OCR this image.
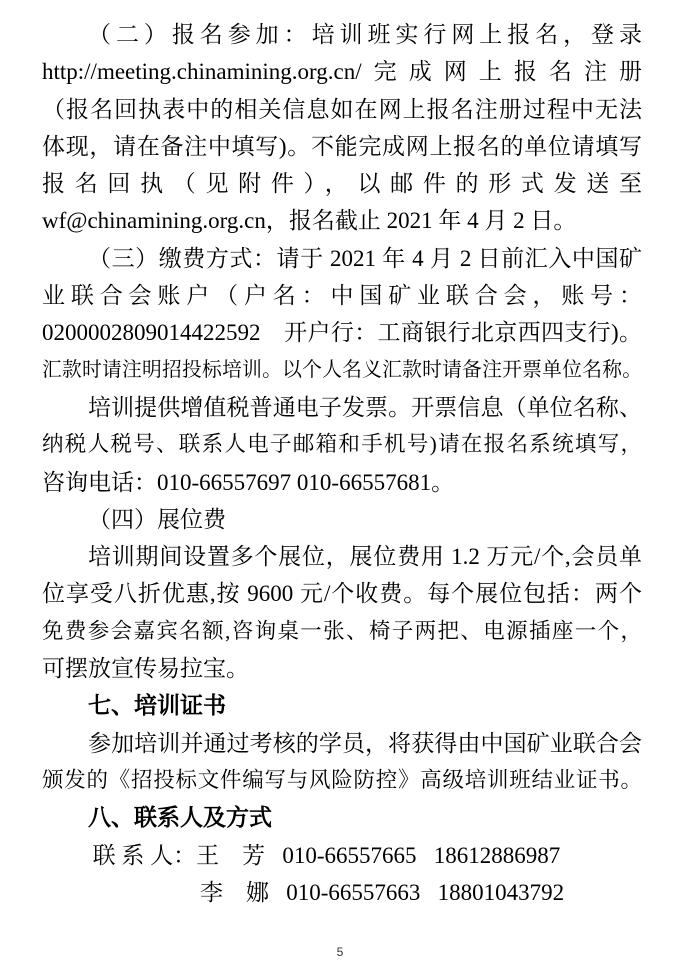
（二）报名参加：培训班实行网上报名，登录
http://meeting.chinamining.org.cn/完成网上报名注册
（报名回执表中的相关信息如在网上报名注册过程中无法
体现，请在备注中填写)。不能完成网上报名的单位请填写
报名回执（见附件），以邮件的形式发送至
wf@chinamining.org.cn，报名截止 2021 年 4 月 2 日。
（三）缴费方式：请于 2021 年 4 月 2 日前汇入中国矿
业联合会账户（户名：中国矿业联合会，账号：
0200002809014422592　开户行：工商银行北京西四支行)。
汇款时请注明招投标培训。以个人名义汇款时请备注开票单位名称。
培训提供增值税普通电子发票。开票信息（单位名称、
纳税人税号、联系人电子邮箱和手机号)请在报名系统填写，
咨询电话：010-66557697 010-66557681。
（四）展位费
培训期间设置多个展位，展位费用 1.2 万元/个,会员单
位享受八折优惠,按 9600 元/个收费。每个展位包括：两个
免费参会嘉宾名额,咨询桌一张、椅子两把、电源插座一个，
可摆放宣传易拉宝。
七、培训证书
参加培训并通过考核的学员，将获得由中国矿业联合会
颁发的《招投标文件编写与风险防控》高级培训班结业证书。
八、联系人及方式
联 系 人：王　芳   010-66557665   18612886987
李　娜   010-66557663   18801043792
5
